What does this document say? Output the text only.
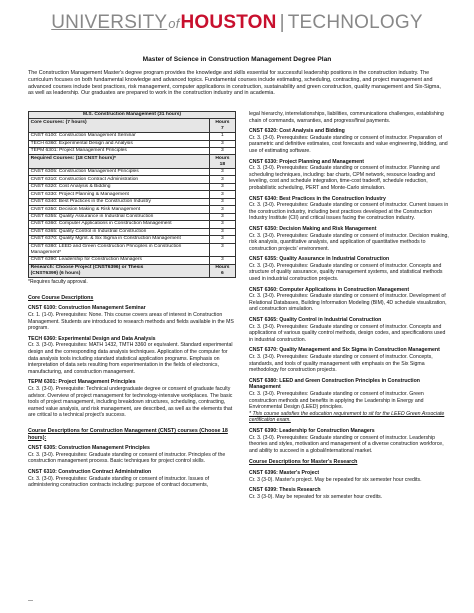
UNIVERSITYofHOUSTON | TECHNOLOGY
Master of Science in Construction Management Degree Plan
The Construction Management Master's degree program provides the knowledge and skills essential for successful leadership positions in the construction industry. The curriculum focuses on both fundamental knowledge and advanced topics. Fundamental courses include estimating, scheduling, contracting, and project management and advanced courses include best practices, risk management, computer applications in construction, sustainability and green construction, quality management and Six-Sigma, as well as leadership. Our graduates are prepared to work in the construction industry and in academia.
M.S. Construction Management (31 hours)	
Core Courses: (7 hours)	Hours
7
CNST 6100: Construction Management Seminar	1
TECH 6360: Experimental Design and Analysis	3
TEPM 6301: Project Management Principles	3
Required Courses: (18 CNST hours)*	Hours
18
CNST 6305: Construction Management Principles	3
CNST 6310: Construction Contract Administration	3
CNST 6320: Cost Analysis & Bidding	3
CNST 6330: Project Planning & Management	3
CNST 6340: Best Practices in the Construction Industry	3
CNST 6350: Decision Making & Risk Management	3
CNST 6355: Quality Assurance in Industrial Construction	3
CNST 6360: Computer Applications in Construction Management	3
CNST 6365: Quality Control in Industrial Construction	3
CNST 6370: Quality Mgmt. & Six Sigma in Construction Management	3
CNST 6380: LEED and Green Construction Principles in Construction Management*	3
CNST 6390: Leadership for Construction Managers	3
Research: Choose Project (CNST6396) or Thesis
(CNST6399) (6 hours)	Hours
6
*Requires faculty approval.
Core Course Descriptions
CNST 6100: Construction Management Seminar

Cr. 1. (1-0). Prerequisites: None. This course covers areas of interest in Construction Management. Students are introduced to research methods and fields available in the MS program.

TECH 6360: Experimental Design and Data Analysis

Cr. 3. (3-0). Prerequisites: MATH 1432, TMTH 3360 or equivalent. Standard experimental design and the corresponding data analysis techniques. Application of the computer for data analysis tools including standard statistical application programs. Emphasis on interpretation of data sets resulting from experimentation in the fields of electronics, manufacturing, and construction management.

TEPM 6301: Project Management Principles

Cr. 3. (3-0). Prerequisite: Technical undergraduate degree or consent of graduate faculty advisor. Overview of project management for technology-intensive workplaces. The basic tools of project management, including breakdown structures, scheduling, contracting, earned value analysis, and risk management, are described, as well as the elements that are critical to a technical project's success.

Course Descriptions for Construction Management (CNST) courses (Choose 18 hours):
CNST 6305: Construction Management Principles

Cr. 3. (3-0). Prerequisites: Graduate standing or consent of instructor. Principles of the construction management process. Basic techniques for project control skills.

CNST 6310: Construction Contract Administration

Cr. 3. (3-0). Prerequisites: Graduate standing or consent of instructor. Issues of administering construction contracts including: purpose of contract documents,

legal hierarchy, interrelationships, liabilities, communications challenges, establishing chain of commands, warranties, and progress/final payments.

CNST 6320: Cost Analysis and Bidding

Cr. 3. (3-0). Prerequisites: Graduate standing or consent of instructor. Preparation of parametric and definitive estimates, cost forecasts and value engineering, bidding, and use of estimating software.

CNST 6330: Project Planning and Management

Cr. 3. (3-0). Prerequisites: Graduate standing or consent of instructor. Planning and scheduling techniques, including: bar charts, CPM network, resource loading and leveling, cost and schedule integration, time-cost tradeoff, schedule reduction, probabilistic scheduling, PERT and Monte-Carlo simulation.

CNST 6340: Best Practices in the Construction Industry

Cr. 3. (3-0). Prerequisites: Graduate standing or consent of instructor. Current issues in the construction industry, including best practices developed at the Construction Industry Institute (CII) and critical issues facing the construction industry.

CNST 6350: Decision Making and Risk Management

Cr. 3. (3-0). Prerequisites: Graduate standing or consent of instructor. Decision making, risk analysis, quantitative analysis, and application of quantitative methods to construction projects' environment.

CNST 6355: Quality Assurance in Industrial Construction

Cr. 3. (3-0). Prerequisites: Graduate standing or consent of instructor. Concepts and structure of quality assurance, quality management systems, and statistical methods used in industrial construction projects.

CNST 6360: Computer Applications in Construction Management

Cr. 3. (3-0). Prerequisites: Graduate standing or consent of instructor. Development of Relational Databases, Building Information Modeling (BIM), 4D schedule visualization, and construction simulation.

CNST 6365: Quality Control in Industrial Construction

Cr. 3. (3-0). Prerequisites: Graduate standing or consent of instructor. Concepts and applications of various quality control methods, design codes, and specifications used in industrial construction.

CNST 6370: Quality Management and Six Sigma in Construction Management

Cr. 3. (3-0). Prerequisites: Graduate standing or consent of instructor. Concepts, standards, and tools of quality management with emphasis on the Six Sigma methodology for construction projects.

CNST 6380: LEED and Green Construction Principles in Construction Management

Cr. 3. (3-0). Prerequisites: Graduate standing or consent of instructor. Green construction methods and benefits in applying the Leadership in Energy and Environmental Design (LEED) principles.

* This course satisfies the education requirement to sit for the LEED Green Associate certification exam.

CNST 6390: Leadership for Construction Managers

Cr. 3. (3-0). Prerequisites: Graduate standing or consent of instructor. Leadership theories and styles, motivation and management of a diverse construction workforce, and ability to succeed in a global/international market.

Course Descriptions for Master's Research
CNST 6396: Master's Project

Cr. 3 (3-0). Master's project. May be repeated for six semester hour credits.

CNST 6399: Thesis Research

Cr. 3 (3-0). May be repeated for six semester hour credits.

—
